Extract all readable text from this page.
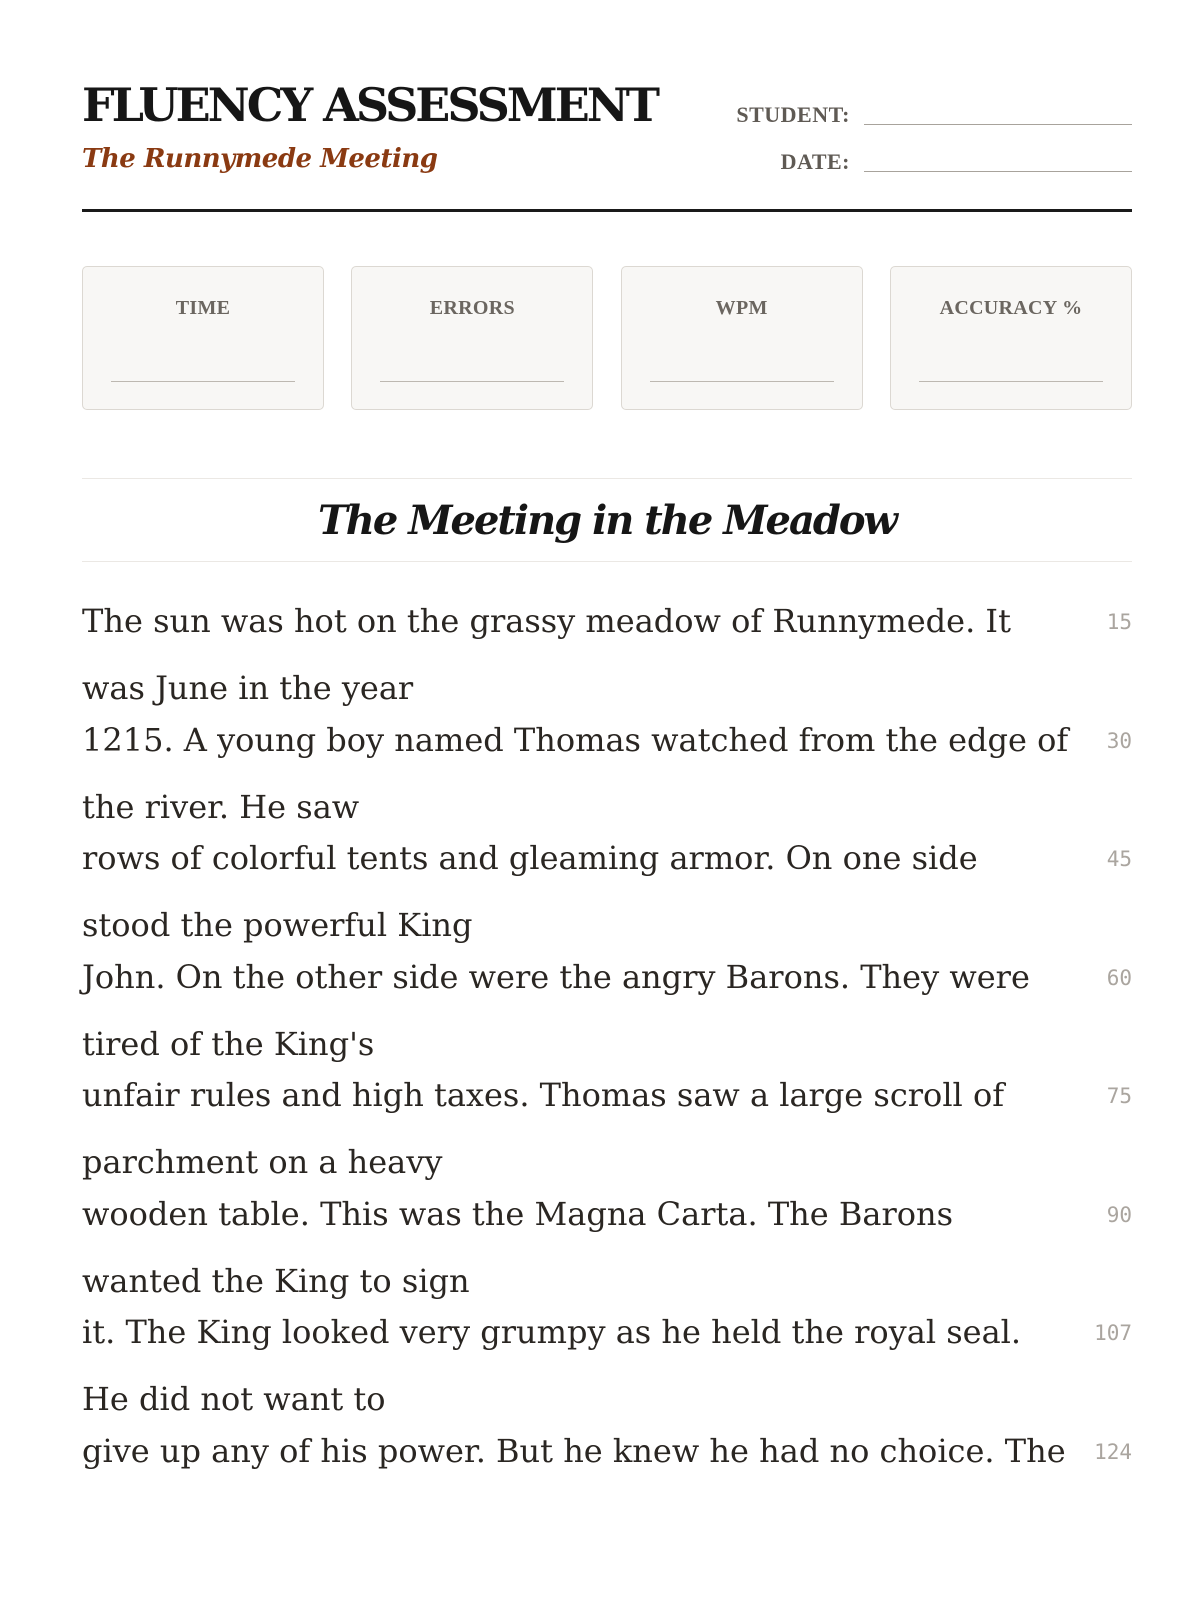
FLUENCY ASSESSMENT
The Runnymede Meeting
STUDENT:
DATE:
TIME	ERRORS	WPM	ACCURACY %
The Meeting in the Meadow
The sun was hot on the grassy meadow of Runnymede. It was June in the year
15
1215. A young boy named Thomas watched from the edge of the river. He saw
30
rows of colorful tents and gleaming armor. On one side stood the powerful King
45
John. On the other side were the angry Barons. They were tired of the King's
60
unfair rules and high taxes. Thomas saw a large scroll of parchment on a heavy
75
wooden table. This was the Magna Carta. The Barons wanted the King to sign
90
it. The King looked very grumpy as he held the royal seal. He did not want to
107
give up any of his power. But he knew he had no choice. The	124
